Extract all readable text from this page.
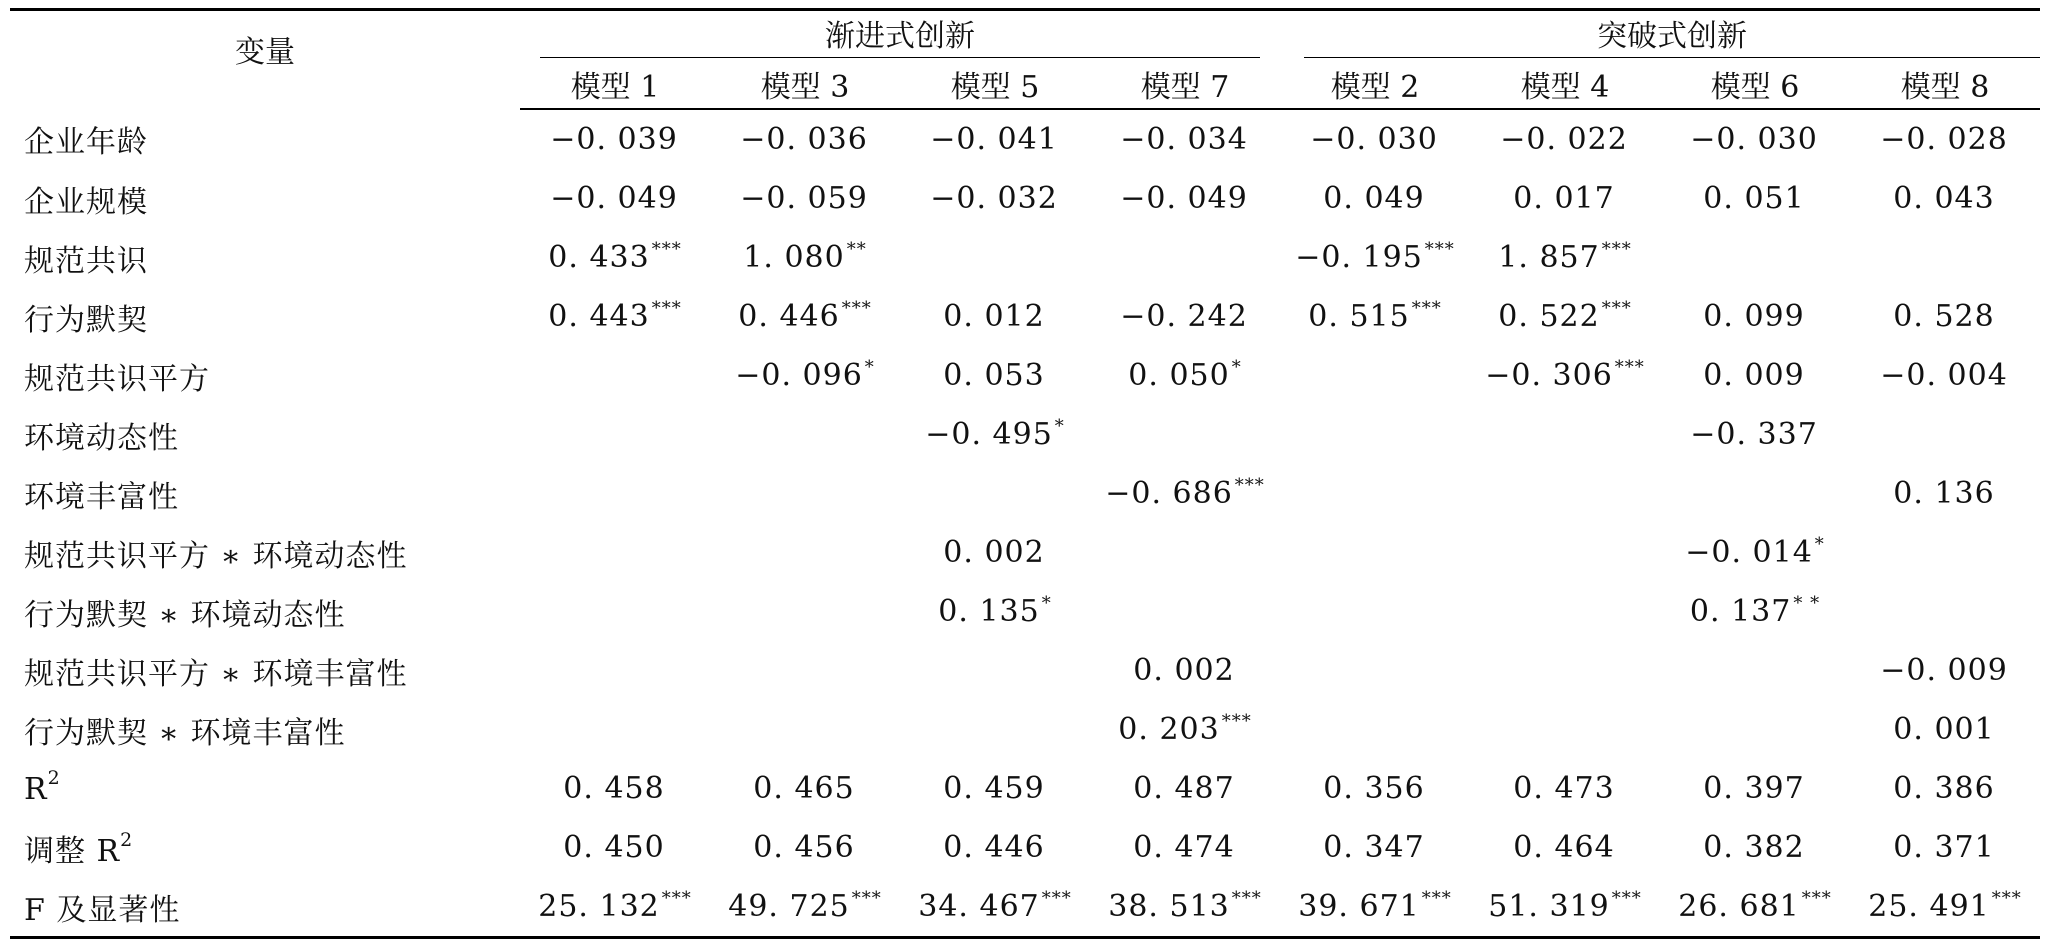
变量	渐进式创新				突破式创新			

	模型 1	模型 3	模型 5	模型 7	模型 2	模型 4	模型 6	模型 8
企业年龄	−0. 039	−0. 036	−0. 041	−0. 034	−0. 030	−0. 022	−0. 030	−0. 028
企业规模	−0. 049	−0. 059	−0. 032	−0. 049	0. 049	0. 017	0. 051	0. 043
规范共识	0. 433 ***	1. 080 **			−0. 195 ***	1. 857 ***		
行为默契	0. 443 ***	0. 446 ***	0. 012	−0. 242	0. 515 ***	0. 522 ***	0. 099	0. 528
规范共识平方		−0. 096 *	0. 053	0. 050 *		−0. 306 ***	0. 009	−0. 004
环境动态性			−0. 495 *				−0. 337	
环境丰富性				−0. 686 ***				0. 136
规范共识平方 ∗ 环境动态性			0. 002				−0. 014 *	
行为默契 ∗ 环境动态性			0. 135 *				0. 137 * *	
规范共识平方 ∗ 环境丰富性				0. 002				−0. 009
行为默契 ∗ 环境丰富性				0. 203 ***				0. 001
$R^2$	0. 458	0. 465	0. 459	0. 487	0. 356	0. 473	0. 397	0. 386
调整 $R^2$	0. 450	0. 456	0. 446	0. 474	0. 347	0. 464	0. 382	0. 371
F 及显著性	25. 132 ***	49. 725 ***	34. 467 ***	38. 513 ***	39. 671 ***	51. 319 ***	26. 681 ***	25. 491 ***
